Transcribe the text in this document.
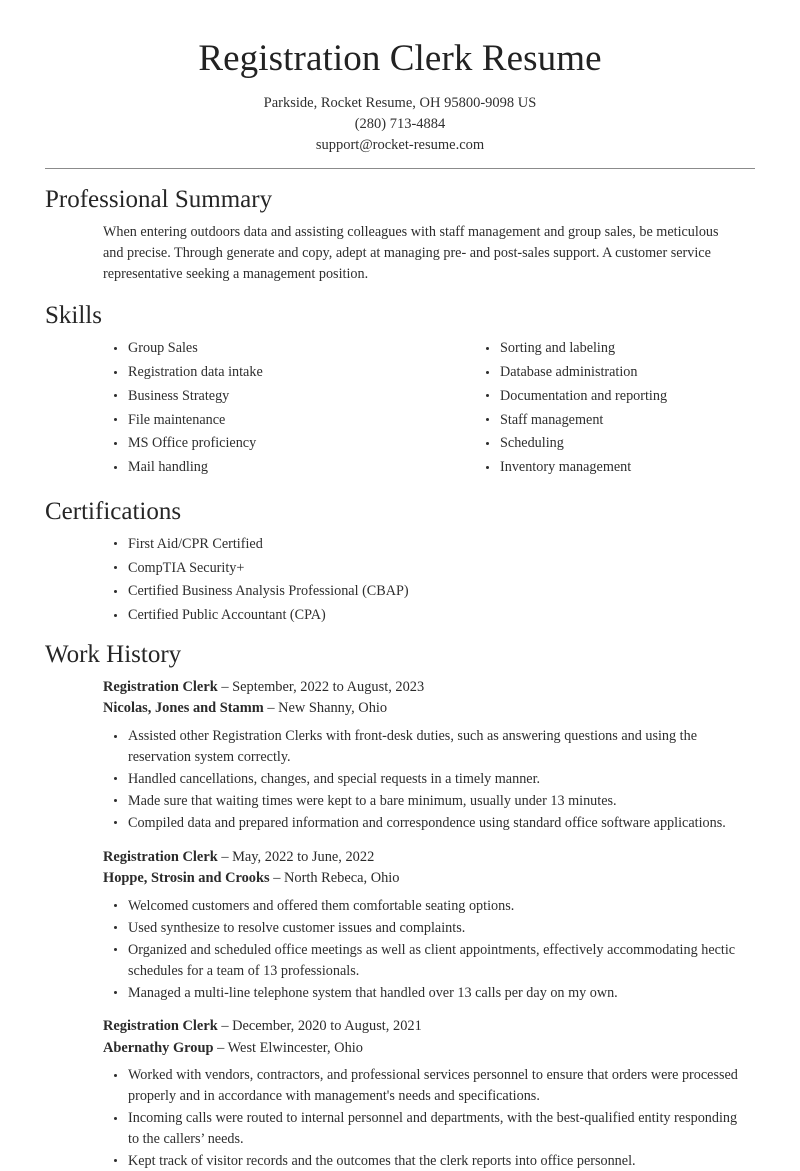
Registration Clerk Resume
Parkside, Rocket Resume, OH 95800-9098 US
(280) 713-4884
support@rocket-resume.com
Professional Summary

When entering outdoors data and assisting colleagues with staff management and group sales, be meticulous and precise. Through generate and copy, adept at managing pre- and post-sales support. A customer service representative seeking a management position.

Skills
Group Sales
Registration data intake
Business Strategy
File maintenance
MS Office proficiency
Mail handling
Sorting and labeling
Database administration
Documentation and reporting
Staff management
Scheduling
Inventory management
Certifications
First Aid/CPR Certified
CompTIA Security+
Certified Business Analysis Professional (CBAP)
Certified Public Accountant (CPA)
Work History
Registration Clerk – September, 2022 to August, 2023
Nicolas, Jones and Stamm – New Shanny, Ohio
Assisted other Registration Clerks with front-desk duties, such as answering questions and using the reservation system correctly.
Handled cancellations, changes, and special requests in a timely manner.
Made sure that waiting times were kept to a bare minimum, usually under 13 minutes.
Compiled data and prepared information and correspondence using standard office software applications.
Registration Clerk – May, 2022 to June, 2022
Hoppe, Strosin and Crooks – North Rebeca, Ohio
Welcomed customers and offered them comfortable seating options.
Used synthesize to resolve customer issues and complaints.
Organized and scheduled office meetings as well as client appointments, effectively accommodating hectic schedules for a team of 13 professionals.
Managed a multi-line telephone system that handled over 13 calls per day on my own.
Registration Clerk – December, 2020 to August, 2021
Abernathy Group – West Elwincester, Ohio
Worked with vendors, contractors, and professional services personnel to ensure that orders were processed properly and in accordance with management's needs and specifications.
Incoming calls were routed to internal personnel and departments, with the best-qualified entity responding to the callers’ needs.
Kept track of visitor records and the outcomes that the clerk reports into office personnel.
